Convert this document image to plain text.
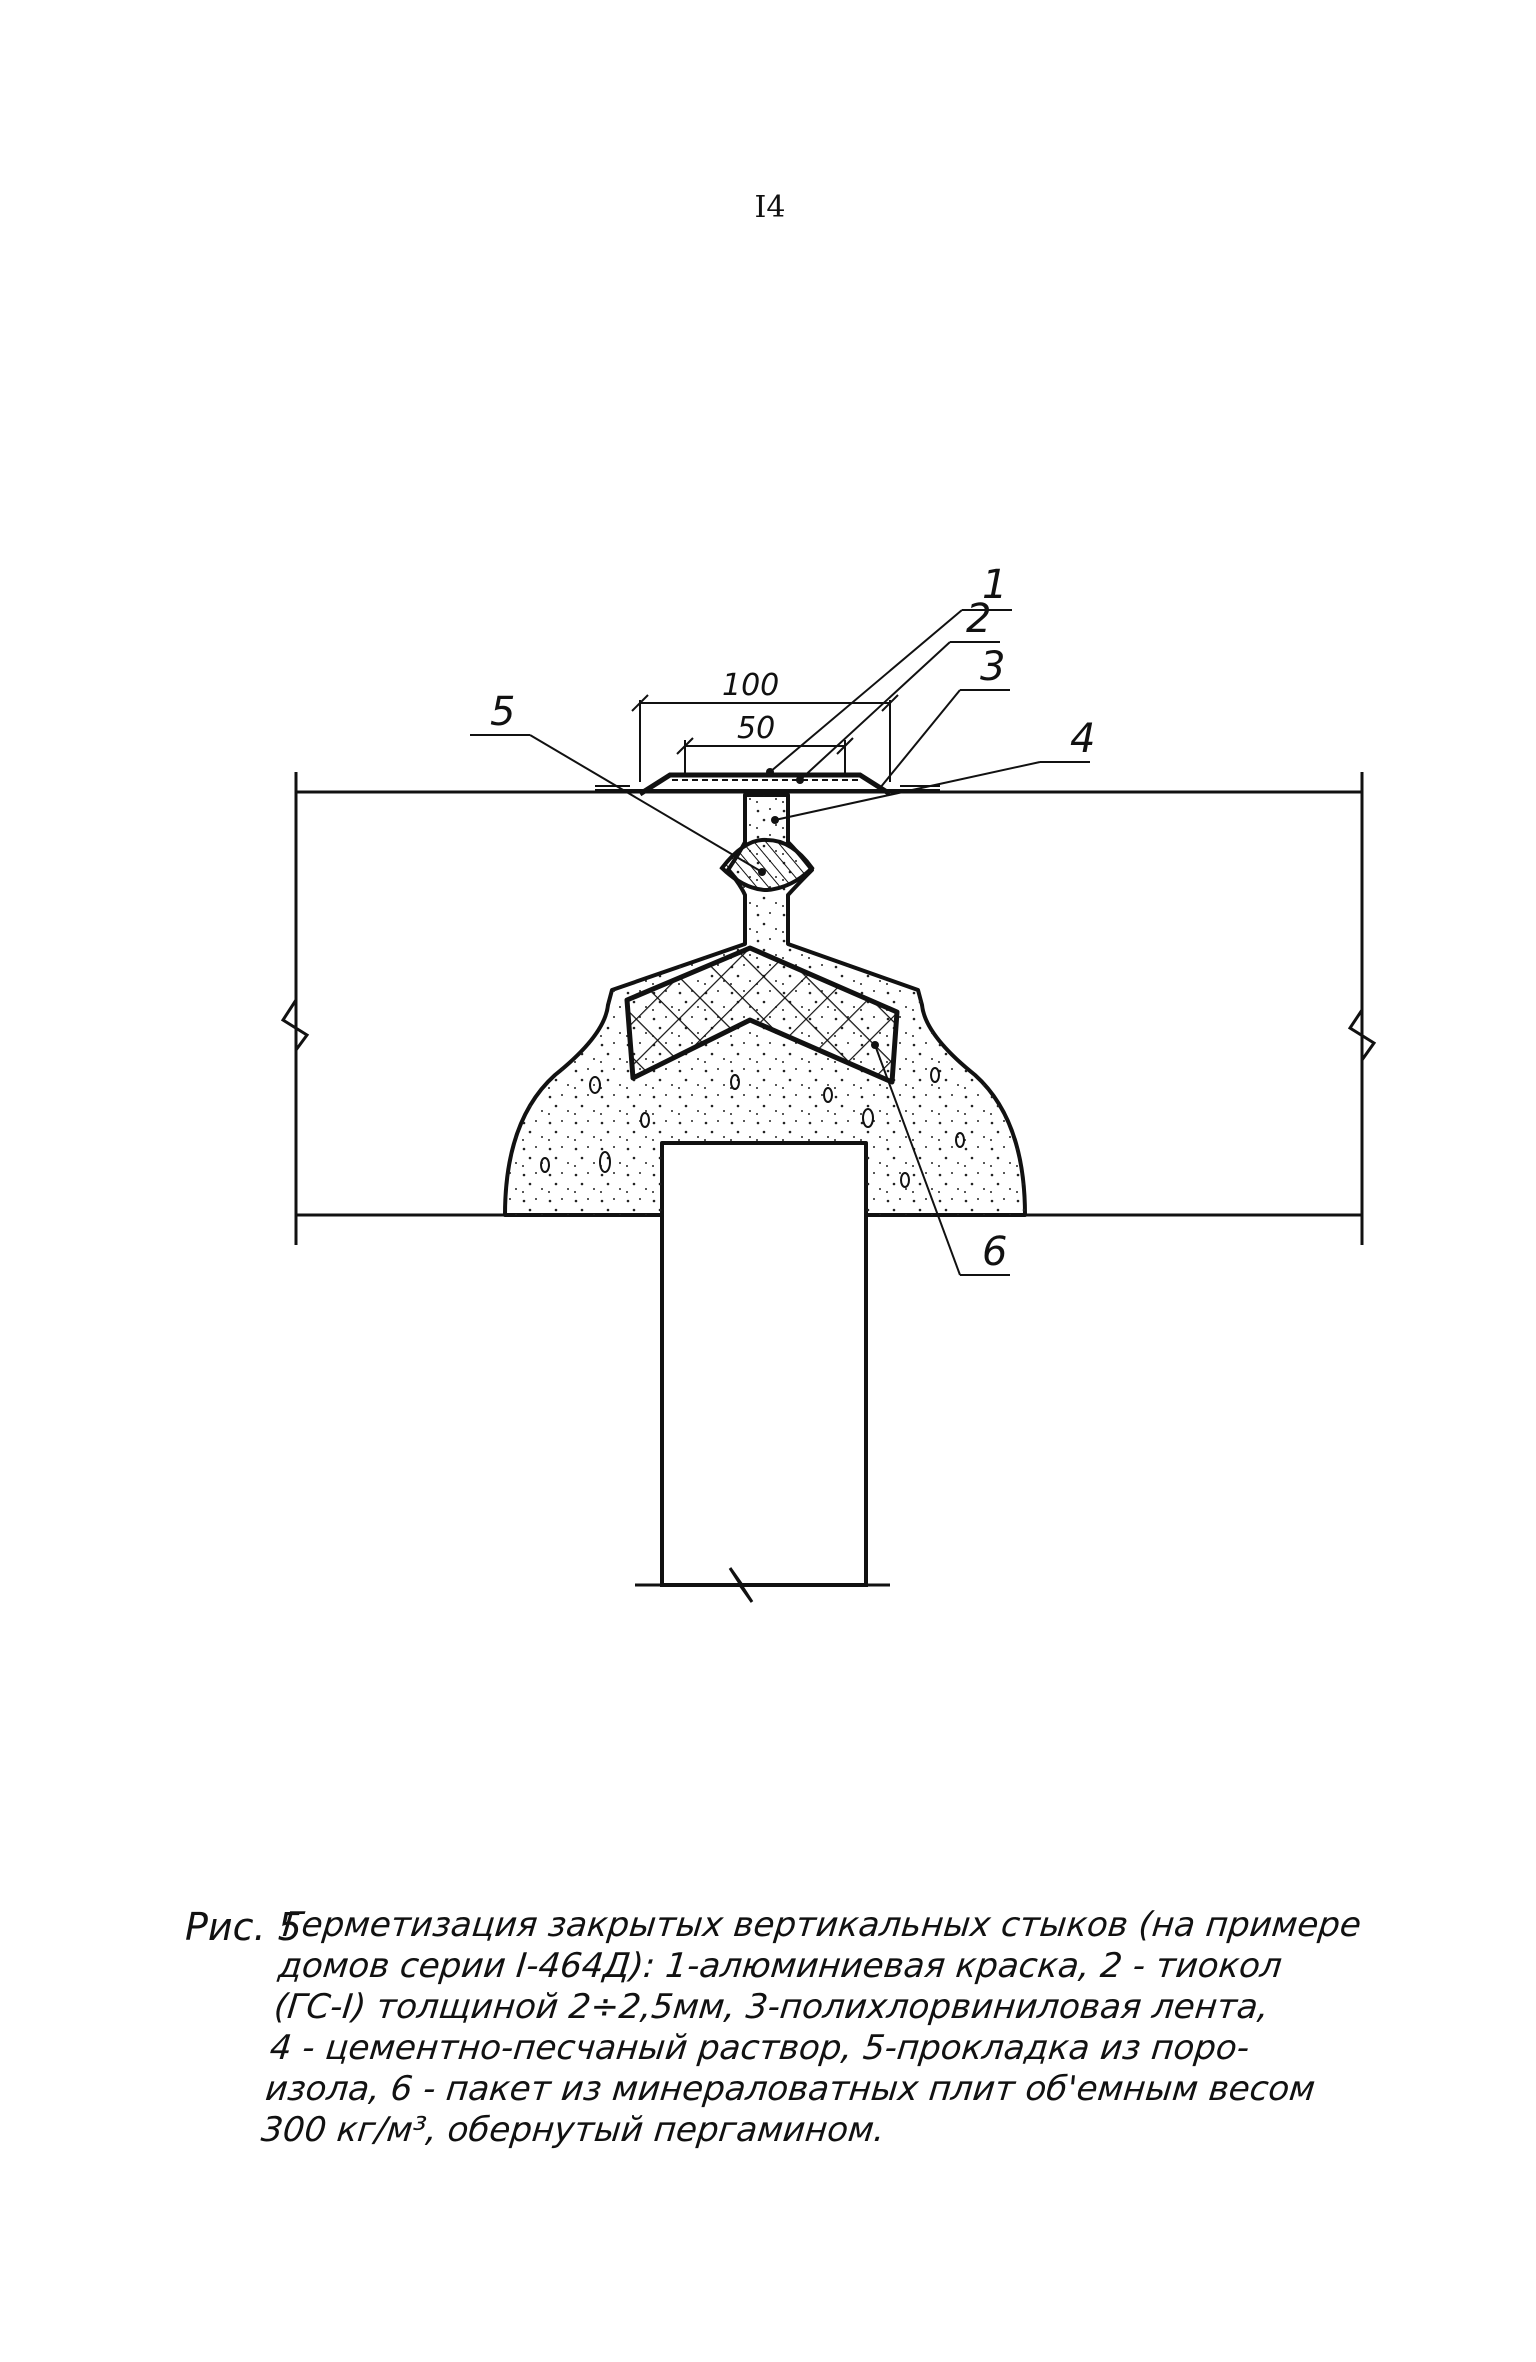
I4
100
50
1
2
3
4
5
6
Рис. 5
Герметизация закрытых вертикальных стыков (на примере
домов серии I-464Д): 1-алюминиевая краска, 2 - тиокол
(ГС-I) толщиной 2÷2,5мм, 3-полихлорвиниловая лента,
4 - цементно-песчаный раствор, 5-прокладка из поро-
изола, 6 - пакет из минераловатных плит об'емным весом
300 кг/м³, обернутый пергамином.
